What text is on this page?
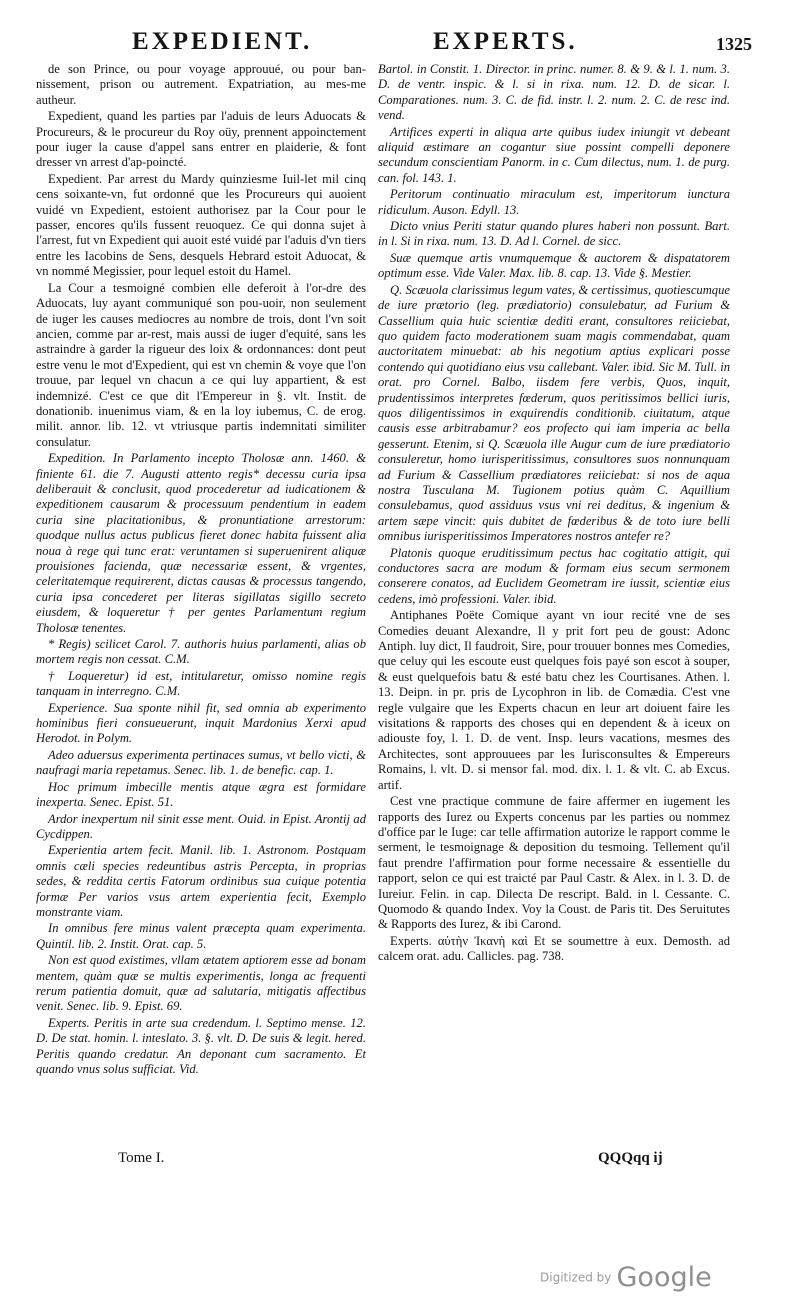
EXPEDIENT.	EXPERTS.	1325

de son Prince, ou pour voyage approuué, ou pour ban-nissement, prison ou autrement. Expatriation, au mes-me autheur.

Expedient, quand les parties par l'aduis de leurs Aduocats & Procureurs, & le procureur du Roy oüy, prennent appoinctement pour iuger la cause d'appel sans entrer en plaiderie, & font dresser vn arrest d'ap-poincté.

Expedient. Par arrest du Mardy quinziesme Iuil-let mil cinq cens soixante-vn, fut ordonné que les Procureurs qui auoient vuidé vn Expedient, estoient authorisez par la Cour pour le passer, encores qu'ils fussent reuoquez. Ce qui donna sujet à l'arrest, fut vn Expedient qui auoit esté vuidé par l'aduis d'vn tiers entre les Iacobins de Sens, desquels Hebrard estoit Aduocat, & vn nommé Megissier, pour lequel estoit du Hamel.

La Cour a tesmoigné combien elle deferoit à l'or-dre des Aduocats, luy ayant communiqué son pou-uoir, non seulement de iuger les causes mediocres au nombre de trois, dont l'vn soit ancien, comme par ar-rest, mais aussi de iuger d'equité, sans les astraindre à garder la rigueur des loix & ordonnances: dont peut estre venu le mot d'Expedient, qui est vn chemin & voye que l'on trouue, par lequel vn chacun a ce qui luy appartient, & est indemnizé. C'est ce que dit l'Empereur in §. vlt. Instit. de donationib. inuenimus viam, & en la loy iubemus, C. de erog. milit. annor. lib. 12. vt vtriusque partis indemnitati similiter consulatur.

Expedition. In Parlamento incepto Tholosæ ann. 1460. & finiente 61. die 7. Augusti attento regis* decessu curia ipsa deliberauit & conclusit, quod procederetur ad iudicationem & expeditionem causarum & processuum pendentium in eadem curia sine placitationibus, & pronuntiatione arrestorum: quodque nullus actus publicus fieret donec habita fuissent alia noua à rege qui tunc erat: veruntamen si superuenirent aliquæ prouisiones facienda, quæ necessariæ essent, & vrgentes, celeritatemque requirerent, dictas causas & processus tangendo, curia ipsa concederet per literas sigillatas sigillo secreto eiusdem, & loqueretur † per gentes Parlamentum regium Tholosæ tenentes.

* Regis) scilicet Carol. 7. authoris huius parlamenti, alias ob mortem regis non cessat. C.M.

† Loqueretur) id est, intitularetur, omisso nomine regis tanquam in interregno. C.M.

Experience. Sua sponte nihil fit, sed omnia ab experimento hominibus fieri consueuerunt, inquit Mardonius Xerxi apud Herodot. in Polym.

Adeo aduersus experimenta pertinaces sumus, vt bello victi, & naufragi maria repetamus. Senec. lib. 1. de benefic. cap. 1.

Hoc primum imbecille mentis atque ægra est formidare inexperta. Senec. Epist. 51.

Ardor inexpertum nil sinit esse ment. Ouid. in Epist. Arontij ad Cycdippen.

Experientia artem fecit. Manil. lib. 1. Astronom. Postquam omnis cæli species redeuntibus astris Percepta, in proprias sedes, & reddita certis Fatorum ordinibus sua cuique potentia formæ Per varios vsus artem experientia fecit, Exemplo monstrante viam.

In omnibus fere minus valent præcepta quam experimenta. Quintil. lib. 2. Instit. Orat. cap. 5.

Non est quod existimes, vllam ætatem aptiorem esse ad bonam mentem, quàm quæ se multis experimentis, longa ac frequenti rerum patientia domuit, quæ ad salutaria, mitigatis affectibus venit. Senec. lib. 9. Epist. 69.

Experts. Peritis in arte sua credendum. l. Septimo mense. 12. D. De stat. homin. l. inteslato. 3. §. vlt. D. De suis & legit. hered. Peritis quando credatur. An deponant cum sacramento. Et quando vnus solus sufficiat. Vid.

Bartol. in Constit. 1. Director. in princ. numer. 8. & 9. & l. 1. num. 3. D. de ventr. inspic. & l. si in rixa. num. 12. D. de sicar. l. Comparationes. num. 3. C. de fid. instr. l. 2. num. 2. C. de resc ind. vend.

Artifices experti in aliqua arte quibus iudex iniungit vt debeant aliquid æstimare an cogantur siue possint compelli deponere secundum conscientiam Panorm. in c. Cum dilectus, num. 1. de purg. can. fol. 143. 1.

Peritorum continuatio miraculum est, imperitorum iunctura ridiculum. Auson. Edyll. 13.

Dicto vnius Periti statur quando plures haberi non possunt. Bart. in l. Si in rixa. num. 13. D. Ad l. Cornel. de sicc.

Suæ quemque artis vnumquemque & auctorem & dispatatorem optimum esse. Vide Valer. Max. lib. 8. cap. 13. Vide §. Mestier.

Q. Scæuola clarissimus legum vates, & certissimus, quotiescumque de iure prætorio (leg. prædiatorio) consulebatur, ad Furium & Cassellium quia huic scientiæ dediti erant, consultores reiiciebat, quo quidem facto moderationem suam magis commendabat, quam auctoritatem minuebat: ab his negotium aptius explicari posse contendo qui quotidiano eius vsu callebant. Valer. ibid. Sic M. Tull. in orat. pro Cornel. Balbo, iisdem fere verbis, Quos, inquit, prudentissimos interpretes fœderum, quos peritissimos bellici iuris, quos diligentissimos in exquirendis conditionib. ciuitatum, atque causis esse arbitrabamur? eos profecto qui iam imperia ac bella gesserunt. Etenim, si Q. Scæuola ille Augur cum de iure prædiatorio consuleretur, homo iurisperitissimus, consultores suos nonnunquam ad Furium & Cassellium prædiatores reiiciebat: si nos de aqua nostra Tusculana M. Tugionem potius quàm C. Aquillium consulebamus, quod assiduus vsus vni rei deditus, & ingenium & artem sæpe vincit: quis dubitet de fœderibus & de toto iure belli omnibus iurisperitissimos Imperatores nostros antefer re?

Platonis quoque eruditissimum pectus hac cogitatio attigit, qui conductores sacra are modum & formam eius secum sermonem conserere conatos, ad Euclidem Geometram ire iussit, scientiæ eius cedens, imò professioni. Valer. ibid.

Antiphanes Poëte Comique ayant vn iour recité vne de ses Comedies deuant Alexandre, Il y prit fort peu de goust: Adonc Antiph. luy dict, Il faudroit, Sire, pour trouuer bonnes mes Comedies, que celuy qui les escoute eust quelques fois payé son escot à souper, & eust quelquefois batu & esté batu chez les Courtisanes. Athen. l. 13. Deipn. in pr. pris de Lycophron in lib. de Comædia. C'est vne regle vulgaire que les Experts chacun en leur art doiuent faire les visitations & rapports des choses qui en dependent & à iceux on adiouste foy, l. 1. D. de vent. Insp. leurs vacations, mesmes des Architectes, sont approuuees par les Iurisconsultes & Empereurs Romains, l. vlt. D. si mensor fal. mod. dix. l. 1. & vlt. C. ab Excus. artif.

Cest vne practique commune de faire affermer en iugement les rapports des Iurez ou Experts concenus par les parties ou nommez d'office par le Iuge: car telle affirmation autorize le rapport comme le serment, le tesmoignage & deposition du tesmoing. Tellement qu'il faut prendre l'affirmation pour forme necessaire & essentielle du rapport, selon ce qui est traicté par Paul Castr. & Alex. in l. 3. D. de Iureiur. Felin. in cap. Dilecta De rescript. Bald. in l. Cessante. C. Quomodo & quando Index. Voy la Coust. de Paris tit. Des Seruitutes & Rapports des Iurez, & ibi Carond.

Experts. αὐτὴν Ἰκανὴ καὶ Et se soumettre à eux. Demosth. ad calcem orat. adu. Callicles. pag. 738.

Tome I.	QQQqq ij
Digitized by Google
